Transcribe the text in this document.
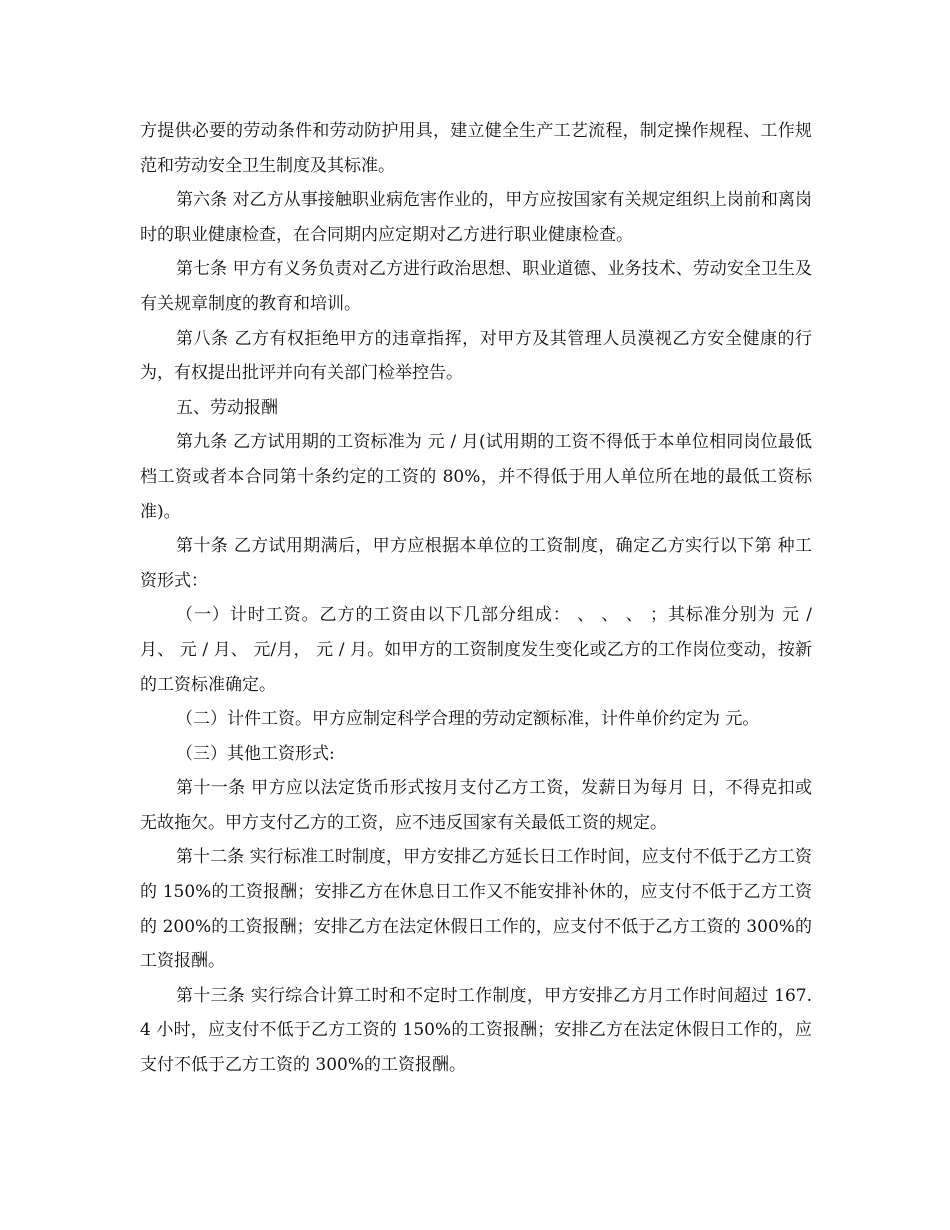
方提供必要的劳动条件和劳动防护用具，建立健全生产工艺流程，制定操作规程、工作规范和劳动安全卫生制度及其标准。

第六条 对乙方从事接触职业病危害作业的，甲方应按国家有关规定组织上岗前和离岗时的职业健康检查，在合同期内应定期对乙方进行职业健康检查。

第七条 甲方有义务负责对乙方进行政治思想、职业道德、业务技术、劳动安全卫生及有关规章制度的教育和培训。

第八条 乙方有权拒绝甲方的违章指挥，对甲方及其管理人员漠视乙方安全健康的行为，有权提出批评并向有关部门检举控告。

五、劳动报酬

第九条 乙方试用期的工资标准为 元 / 月(试用期的工资不得低于本单位相同岗位最低档工资或者本合同第十条约定的工资的 80%，并不得低于用人单位所在地的最低工资标准)。

第十条 乙方试用期满后，甲方应根据本单位的工资制度，确定乙方实行以下第 种工资形式：

（一）计时工资。乙方的工资由以下几部分组成： 、 、 、 ；其标准分别为 元 / 月、 元 / 月、 元/月， 元 / 月。如甲方的工资制度发生变化或乙方的工作岗位变动，按新的工资标准确定。

（二）计件工资。甲方应制定科学合理的劳动定额标准，计件单价约定为 元。

（三）其他工资形式:

第十一条 甲方应以法定货币形式按月支付乙方工资，发薪日为每月 日，不得克扣或无故拖欠。甲方支付乙方的工资，应不违反国家有关最低工资的规定。

第十二条 实行标准工时制度，甲方安排乙方延长日工作时间，应支付不低于乙方工资的 150%的工资报酬；安排乙方在休息日工作又不能安排补休的，应支付不低于乙方工资的 200%的工资报酬；安排乙方在法定休假日工作的，应支付不低于乙方工资的 300%的工资报酬。

第十三条 实行综合计算工时和不定时工作制度，甲方安排乙方月工作时间超过 167.4 小时，应支付不低于乙方工资的 150%的工资报酬；安排乙方在法定休假日工作的，应支付不低于乙方工资的 300%的工资报酬。
